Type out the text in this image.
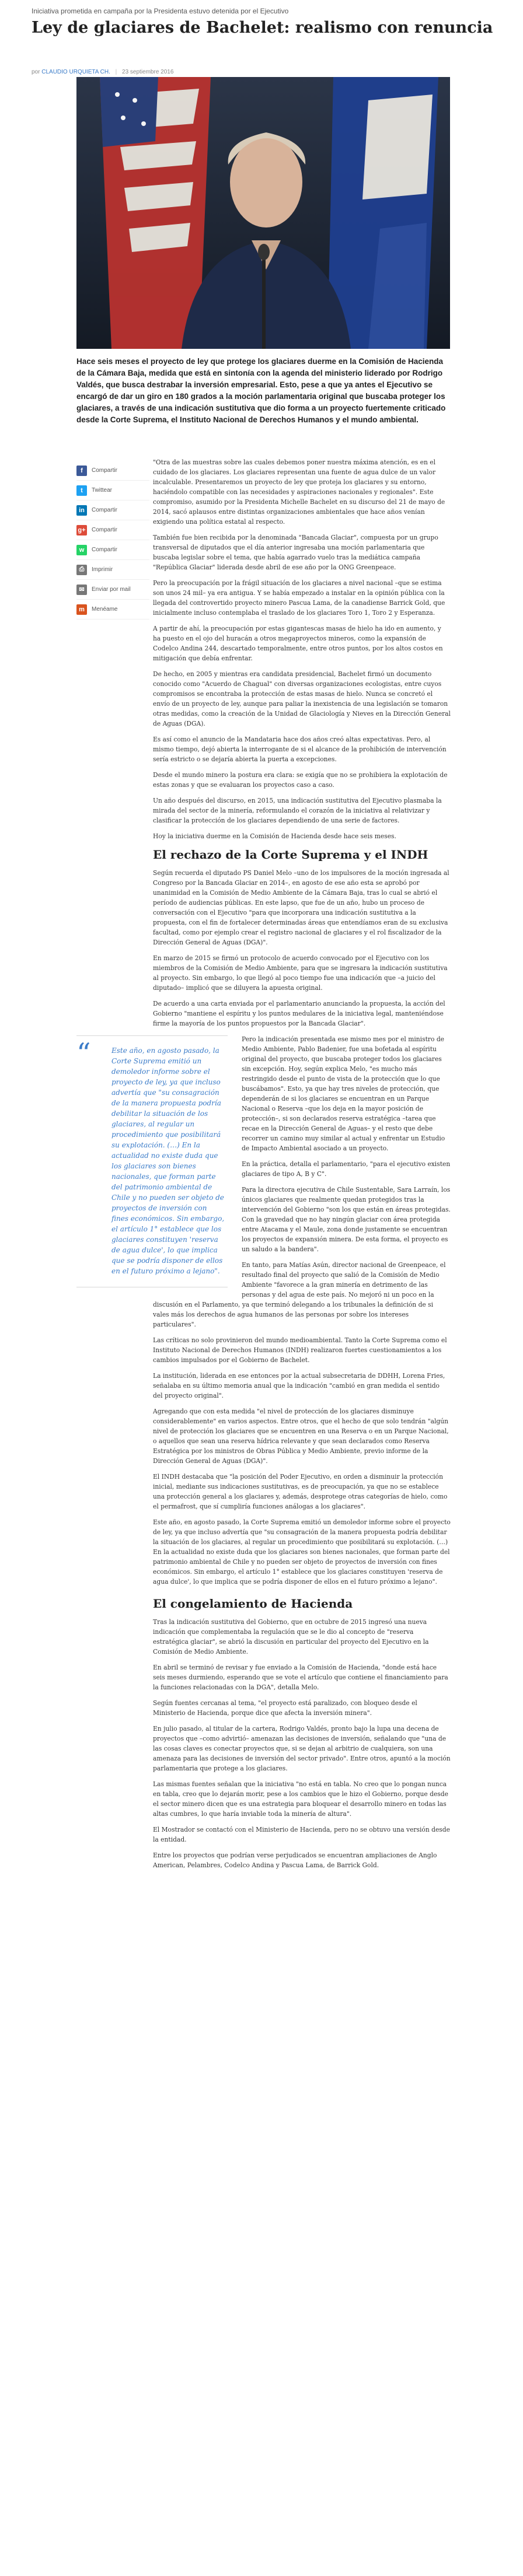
Iniciativa prometida en campaña por la Presidenta estuvo detenida por el Ejecutivo
Ley de glaciares de Bachelet: realismo con renuncia
por CLAUDIO URQUIETA CH. | 23 septiembre 2016

Hace seis meses el proyecto de ley que protege los glaciares duerme en la Comisión de Hacienda de la Cámara Baja, medida que está en sintonía con la agenda del ministerio liderado por Rodrigo Valdés, que busca destrabar la inversión empresarial. Esto, pese a que ya antes el Ejecutivo se encargó de dar un giro en 180 grados a la moción parlamentaria original que buscaba proteger los glaciares, a través de una indicación sustitutiva que dio forma a un proyecto fuertemente criticado desde la Corte Suprema, el Instituto Nacional de Derechos Humanos y el mundo ambiental.

f	Compartir
t	Twittear
in	Compartir
g+ Compartir
w	Compartir
⎙	Imprimir
✉	Enviar por mail
m	Menéame

"Otra de las muestras sobre las cuales debemos poner nuestra máxima atención, es en el cuidado de los glaciares. Los glaciares representan una fuente de agua dulce de un valor incalculable. Presentaremos un proyecto de ley que proteja los glaciares y su entorno, haciéndolo compatible con las necesidades y aspiraciones nacionales y regionales". Este compromiso, asumido por la Presidenta Michelle Bachelet en su discurso del 21 de mayo de 2014, sacó aplausos entre distintas organizaciones ambientales que hace años venían exigiendo una política estatal al respecto.

También fue bien recibida por la denominada "Bancada Glaciar", compuesta por un grupo transversal de diputados que el día anterior ingresaba una moción parlamentaria que buscaba legislar sobre el tema, que había agarrado vuelo tras la mediática campaña "República Glaciar" liderada desde abril de ese año por la ONG Greenpeace.

Pero la preocupación por la frágil situación de los glaciares a nivel nacional –que se estima son unos 24 mil– ya era antigua. Y se había empezado a instalar en la opinión pública con la llegada del controvertido proyecto minero Pascua Lama, de la canadiense Barrick Gold, que inicialmente incluso contemplaba el traslado de los glaciares Toro 1, Toro 2 y Esperanza.

A partir de ahí, la preocupación por estas gigantescas masas de hielo ha ido en aumento, y ha puesto en el ojo del huracán a otros megaproyectos mineros, como la expansión de Codelco Andina 244, descartado temporalmente, entre otros puntos, por los altos costos en mitigación que debía enfrentar.

De hecho, en 2005 y mientras era candidata presidencial, Bachelet firmó un documento conocido como "Acuerdo de Chagual" con diversas organizaciones ecologistas, entre cuyos compromisos se encontraba la protección de estas masas de hielo. Nunca se concretó el envío de un proyecto de ley, aunque para paliar la inexistencia de una legislación se tomaron otras medidas, como la creación de la Unidad de Glaciología y Nieves en la Dirección General de Aguas (DGA).

Es así como el anuncio de la Mandataria hace dos años creó altas expectativas. Pero, al mismo tiempo, dejó abierta la interrogante de si el alcance de la prohibición de intervención sería estricto o se dejaría abierta la puerta a excepciones.

Desde el mundo minero la postura era clara: se exigía que no se prohibiera la explotación de estas zonas y que se evaluaran los proyectos caso a caso.

Un año después del discurso, en 2015, una indicación sustitutiva del Ejecutivo plasmaba la mirada del sector de la minería, reformulando el corazón de la iniciativa al relativizar y clasificar la protección de los glaciares dependiendo de una serie de factores.

Hoy la iniciativa duerme en la Comisión de Hacienda desde hace seis meses.

El rechazo de la Corte Suprema y el INDH

Según recuerda el diputado PS Daniel Melo –uno de los impulsores de la moción ingresada al Congreso por la Bancada Glaciar en 2014–, en agosto de ese año esta se aprobó por unanimidad en la Comisión de Medio Ambiente de la Cámara Baja, tras lo cual se abrió el período de audiencias públicas. En este lapso, que fue de un año, hubo un proceso de conversación con el Ejecutivo "para que incorporara una indicación sustitutiva a la propuesta, con el fin de fortalecer determinadas áreas que entendíamos eran de su exclusiva facultad, como por ejemplo crear el registro nacional de glaciares y el rol fiscalizador de la Dirección General de Aguas (DGA)".

En marzo de 2015 se firmó un protocolo de acuerdo convocado por el Ejecutivo con los miembros de la Comisión de Medio Ambiente, para que se ingresara la indicación sustitutiva al proyecto. Sin embargo, lo que llegó al poco tiempo fue una indicación que –a juicio del diputado– implicó que se diluyera la apuesta original.

De acuerdo a una carta enviada por el parlamentario anunciando la propuesta, la acción del Gobierno "mantiene el espíritu y los puntos medulares de la iniciativa legal, manteniéndose firme la mayoría de los puntos propuestos por la Bancada Glaciar".

“	Este año, en agosto pasado, la Corte Suprema emitió un demoledor informe sobre el proyecto de ley, ya que incluso advertía que "su consagración de la manera propuesta podría debilitar la situación de los glaciares, al regular un procedimiento que posibilitará su explotación. (…) En la actualidad no existe duda que los glaciares son bienes nacionales, que forman parte del patrimonio ambiental de Chile y no pueden ser objeto de proyectos de inversión con fines económicos. Sin embargo, el artículo 1° establece que los glaciares constituyen 'reserva de agua dulce', lo que implica que se podría disponer de ellos en el futuro próximo a lejano".

Pero la indicación presentada ese mismo mes por el ministro de Medio Ambiente, Pablo Badenier, fue una bofetada al espíritu original del proyecto, que buscaba proteger todos los glaciares sin excepción. Hoy, según explica Melo, "es mucho más restringido desde el punto de vista de la protección que lo que buscábamos". Esto, ya que hay tres niveles de protección, que dependerán de si los glaciares se encuentran en un Parque Nacional o Reserva –que los deja en la mayor posición de protección–, si son declarados reserva estratégica –tarea que recae en la Dirección General de Aguas– y el resto que debe recorrer un camino muy similar al actual y enfrentar un Estudio de Impacto Ambiental asociado a un proyecto.

En la práctica, detalla el parlamentario, "para el ejecutivo existen glaciares de tipo A, B y C".

Para la directora ejecutiva de Chile Sustentable, Sara Larraín, los únicos glaciares que realmente quedan protegidos tras la intervención del Gobierno "son los que están en áreas protegidas. Con la gravedad que no hay ningún glaciar con área protegida entre Atacama y el Maule, zona donde justamente se encuentran los proyectos de expansión minera. De esta forma, el proyecto es un saludo a la bandera".

En tanto, para Matías Asún, director nacional de Greenpeace, el resultado final del proyecto que salió de la Comisión de Medio Ambiente "favorece a la gran minería en detrimento de las personas y del agua de este país. No mejoró ni un poco en la discusión en el Parlamento, ya que terminó delegando a los tribunales la definición de si vales más los derechos de agua humanos de las personas por sobre los intereses particulares".

Las críticas no solo provinieron del mundo medioambiental. Tanto la Corte Suprema como el Instituto Nacional de Derechos Humanos (INDH) realizaron fuertes cuestionamientos a los cambios impulsados por el Gobierno de Bachelet.

La institución, liderada en ese entonces por la actual subsecretaria de DDHH, Lorena Fries, señalaba en su último memoria anual que la indicación "cambió en gran medida el sentido del proyecto original".

Agregando que con esta medida "el nivel de protección de los glaciares disminuye considerablemente" en varios aspectos. Entre otros, que el hecho de que solo tendrán "algún nivel de protección los glaciares que se encuentren en una Reserva o en un Parque Nacional, o aquellos que sean una reserva hídrica relevante y que sean declarados como Reserva Estratégica por los ministros de Obras Pública y Medio Ambiente, previo informe de la Dirección General de Aguas (DGA)".

El INDH destacaba que "la posición del Poder Ejecutivo, en orden a disminuir la protección inicial, mediante sus indicaciones sustitutivas, es de preocupación, ya que no se establece una protección general a los glaciares y, además, desprotege otras categorías de hielo, como el permafrost, que sí cumpliría funciones análogas a los glaciares".

Este año, en agosto pasado, la Corte Suprema emitió un demoledor informe sobre el proyecto de ley, ya que incluso advertía que "su consagración de la manera propuesta podría debilitar la situación de los glaciares, al regular un procedimiento que posibilitará su explotación. (…) En la actualidad no existe duda que los glaciares son bienes nacionales, que forman parte del patrimonio ambiental de Chile y no pueden ser objeto de proyectos de inversión con fines económicos. Sin embargo, el artículo 1° establece que los glaciares constituyen 'reserva de agua dulce', lo que implica que se podría disponer de ellos en el futuro próximo a lejano".

El congelamiento de Hacienda

Tras la indicación sustitutiva del Gobierno, que en octubre de 2015 ingresó una nueva indicación que complementaba la regulación que se le dio al concepto de "reserva estratégica glaciar", se abrió la discusión en particular del proyecto del Ejecutivo en la Comisión de Medio Ambiente.

En abril se terminó de revisar y fue enviado a la Comisión de Hacienda, "donde está hace seis meses durmiendo, esperando que se vote el artículo que contiene el financiamiento para la funciones relacionadas con la DGA", detalla Melo.

Según fuentes cercanas al tema, "el proyecto está paralizado, con bloqueo desde el Ministerio de Hacienda, porque dice que afecta la inversión minera".

En julio pasado, al titular de la cartera, Rodrigo Valdés, pronto bajo la lupa una decena de proyectos que –como advirtió– amenazan las decisiones de inversión, señalando que "una de las cosas claves es conectar proyectos que, si se dejan al arbitrio de cualquiera, son una amenaza para las decisiones de inversión del sector privado". Entre otros, apuntó a la moción parlamentaria que protege a los glaciares.

Las mismas fuentes señalan que la iniciativa "no está en tabla. No creo que lo pongan nunca en tabla, creo que lo dejarán morir, pese a los cambios que le hizo el Gobierno, porque desde el sector minero dicen que es una estrategia para bloquear el desarrollo minero en todas las altas cumbres, lo que haría inviable toda la minería de altura".

El Mostrador se contactó con el Ministerio de Hacienda, pero no se obtuvo una versión desde la entidad.

Entre los proyectos que podrían verse perjudicados se encuentran ampliaciones de Anglo American, Pelambres, Codelco Andina y Pascua Lama, de Barrick Gold.
